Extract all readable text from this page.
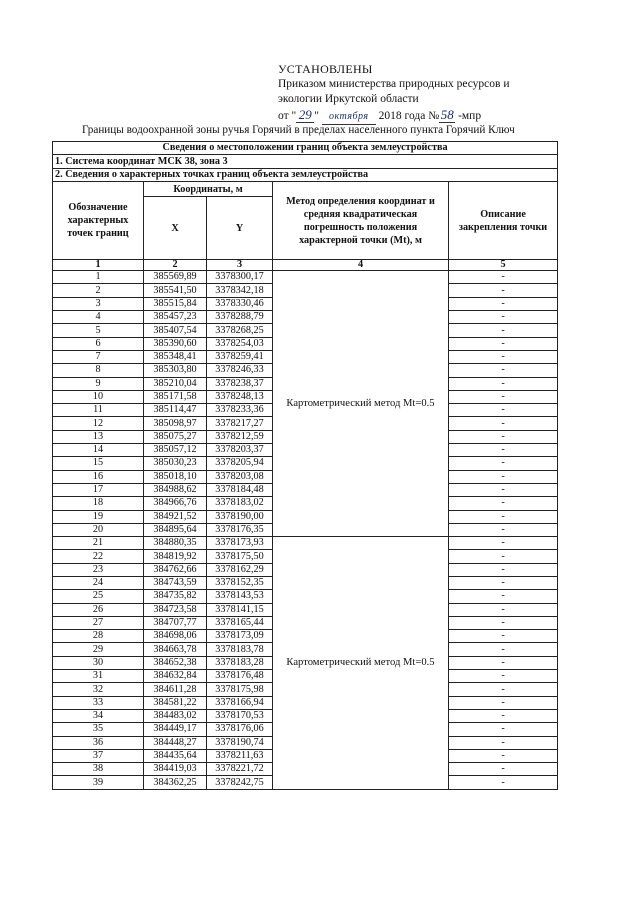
УСТАНОВЛЕНЫ
Приказом министерства природных ресурсов и
экологии Иркутской области
от " 29 " октября 2018 года № 58 -мпр
Границы водоохранной зоны ручья Горячий в пределах населенного пункта Горячий Ключ
Сведения о местоположении границ объекта землеустройства				
1. Система координат МСК 38, зона 3				
2. Сведения о характерных точках границ объекта землеустройства				
Обозначение характерных точек границ	Координаты, м		Метод определения координат и средняя квадратическая погрешность положения характерной точки (Mt), м	Описание закрепления точки
	X	Y		
1	2	3	4	5
1	385569,89	3378300,17	Картометрический метод Mt=0.5	-
2	385541,50	3378342,18		-
3	385515,84	3378330,46		-
4	385457,23	3378288,79		-
5	385407,54	3378268,25		-
6	385390,60	3378254,03		-
7	385348,41	3378259,41		-
8	385303,80	3378246,33		-
9	385210,04	3378238,37		-
10	385171,58	3378248,13		-
11	385114,47	3378233,36		-
12	385098,97	3378217,27		-
13	385075,27	3378212,59		-
14	385057,12	3378203,37		-
15	385030,23	3378205,94		-
16	385018,10	3378203,08		-
17	384988,62	3378184,48		-
18	384966,76	3378183,02		-
19	384921,52	3378190,00		-
20	384895,64	3378176,35		-
21	384880,35	3378173,93	Картометрический метод Mt=0.5	-
22	384819,92	3378175,50		-
23	384762,66	3378162,29		-
24	384743,59	3378152,35		-
25	384735,82	3378143,53		-
26	384723,58	3378141,15		-
27	384707,77	3378165,44		-
28	384698,06	3378173,09		-
29	384663,78	3378183,78		-
30	384652,38	3378183,28		-
31	384632,84	3378176,48		-
32	384611,28	3378175,98		-
33	384581,22	3378166,94		-
34	384483,02	3378170,53		-
35	384449,17	3378176,06		-
36	384448,27	3378190,74		-
37	384435,64	3378211,63		-
38	384419,03	3378221,72		-
39	384362,25	3378242,75		-
